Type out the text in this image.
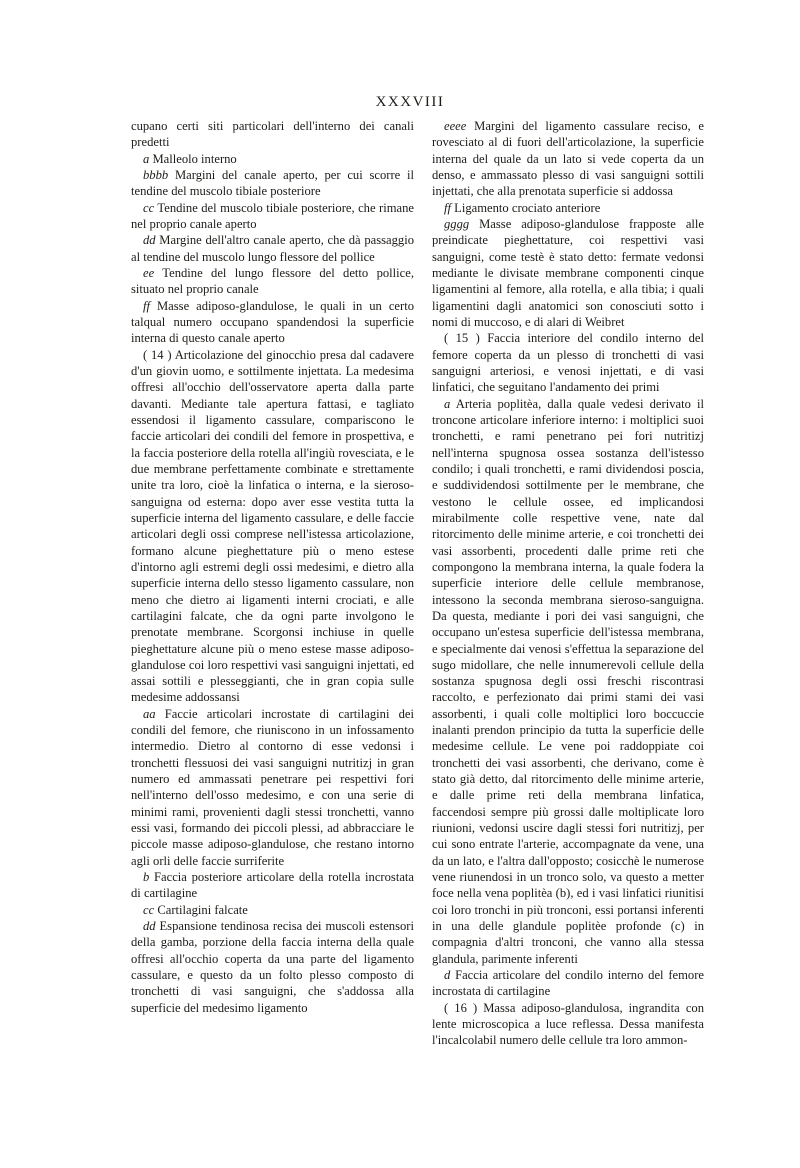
XXXVIII

cupano certi siti particolari dell'interno dei canali predetti

a Malleolo interno

bbbb Margini del canale aperto, per cui scorre il tendine del muscolo tibiale posteriore

cc Tendine del muscolo tibiale posteriore, che rimane nel proprio canale aperto

dd Margine dell'altro canale aperto, che dà passaggio al tendine del muscolo lungo flessore del pollice

ee Tendine del lungo flessore del detto pollice, situato nel proprio canale

ff Masse adiposo-glandulose, le quali in un certo talqual numero occupano spandendosi la superficie interna di questo canale aperto

( 14 ) Articolazione del ginocchio presa dal cadavere d'un giovin uomo, e sottilmente injettata. La medesima offresi all'occhio dell'osservatore aperta dalla parte davanti. Mediante tale apertura fattasi, e tagliato essendosi il ligamento cassulare, compariscono le faccie articolari dei condili del femore in prospettiva, e la faccia posteriore della rotella all'ingiù rovesciata, e le due membrane perfettamente combinate e strettamente unite tra loro, cioè la linfatica o interna, e la sieroso-sanguigna od esterna: dopo aver esse vestita tutta la superficie interna del ligamento cassulare, e delle faccie articolari degli ossi comprese nell'istessa articolazione, formano alcune pieghettature più o meno estese d'intorno agli estremi degli ossi medesimi, e dietro alla superficie interna dello stesso ligamento cassulare, non meno che dietro ai ligamenti interni crociati, e alle cartilagini falcate, che da ogni parte involgono le prenotate membrane. Scorgonsi inchiuse in quelle pieghettature alcune più o meno estese masse adiposo-glandulose coi loro respettivi vasi sanguigni injettati, ed assai sottili e plesseggianti, che in gran copia sulle medesime addossansi

aa Faccie articolari incrostate di cartilagini dei condili del femore, che riuniscono in un infossamento intermedio. Dietro al contorno di esse vedonsi i tronchetti flessuosi dei vasi sanguigni nutritizj in gran numero ed ammassati penetrare pei respettivi fori nell'interno dell'osso medesimo, e con una serie di minimi rami, provenienti dagli stessi tronchetti, vanno essi vasi, formando dei piccoli plessi, ad abbracciare le piccole masse adiposo-glandulose, che restano intorno agli orli delle faccie surriferite

b Faccia posteriore articolare della rotella incrostata di cartilagine

cc Cartilagini falcate

dd Espansione tendinosa recisa dei muscoli estensori della gamba, porzione della faccia interna della quale offresi all'occhio coperta da una parte del ligamento cassulare, e questo da un folto plesso composto di tronchetti di vasi sanguigni, che s'addossa alla superficie del medesimo ligamento

eeee Margini del ligamento cassulare reciso, e rovesciato al di fuori dell'articolazione, la superficie interna del quale da un lato si vede coperta da un denso, e ammassato plesso di vasi sanguigni sottili injettati, che alla prenotata superficie si addossa

ff Ligamento crociato anteriore

gggg Masse adiposo-glandulose frapposte alle preindicate pieghettature, coi respettivi vasi sanguigni, come testè è stato detto: fermate vedonsi mediante le divisate membrane componenti cinque ligamentini al femore, alla rotella, e alla tibia; i quali ligamentini dagli anatomici son conosciuti sotto i nomi di muccoso, e di alari di Weibret

( 15 ) Faccia interiore del condilo interno del femore coperta da un plesso di tronchetti di vasi sanguigni arteriosi, e venosi injettati, e di vasi linfatici, che seguitano l'andamento dei primi

a Arteria poplitèa, dalla quale vedesi derivato il troncone articolare inferiore interno: i moltiplici suoi tronchetti, e rami penetrano pei fori nutritizj nell'interna spugnosa ossea sostanza dell'istesso condilo; i quali tronchetti, e rami dividendosi poscia, e suddividendosi sottilmente per le membrane, che vestono le cellule ossee, ed implicandosi mirabilmente colle respettive vene, nate dal ritorcimento delle minime arterie, e coi tronchetti dei vasi assorbenti, procedenti dalle prime reti che compongono la membrana interna, la quale fodera la superficie interiore delle cellule membranose, intessono la seconda membrana sieroso-sanguigna. Da questa, mediante i pori dei vasi sanguigni, che occupano un'estesa superficie dell'istessa membrana, e specialmente dai venosi s'effettua la separazione del sugo midollare, che nelle innumerevoli cellule della sostanza spugnosa degli ossi freschi riscontrasi raccolto, e perfezionato dai primi stami dei vasi assorbenti, i quali colle moltiplici loro boccuccie inalanti prendon principio da tutta la superficie delle medesime cellule. Le vene poi raddoppiate coi tronchetti dei vasi assorbenti, che derivano, come è stato già detto, dal ritorcimento delle minime arterie, e dalle prime reti della membrana linfatica, faccendosi sempre più grossi dalle moltiplicate loro riunioni, vedonsi uscire dagli stessi fori nutritizj, per cui sono entrate l'arterie, accompagnate da vene, una da un lato, e l'altra dall'opposto; cosicchè le numerose vene riunendosi in un tronco solo, va questo a metter foce nella vena poplitèa (b), ed i vasi linfatici riunitisi coi loro tronchi in più tronconi, essi portansi inferenti in una delle glandule poplitèe profonde (c) in compagnia d'altri tronconi, che vanno alla stessa glandula, parimente inferenti

d Faccia articolare del condilo interno del femore incrostata di cartilagine

( 16 ) Massa adiposo-glandulosa, ingrandita con lente microscopica a luce reflessa. Dessa manifesta l'incalcolabil numero delle cellule tra loro ammon-
